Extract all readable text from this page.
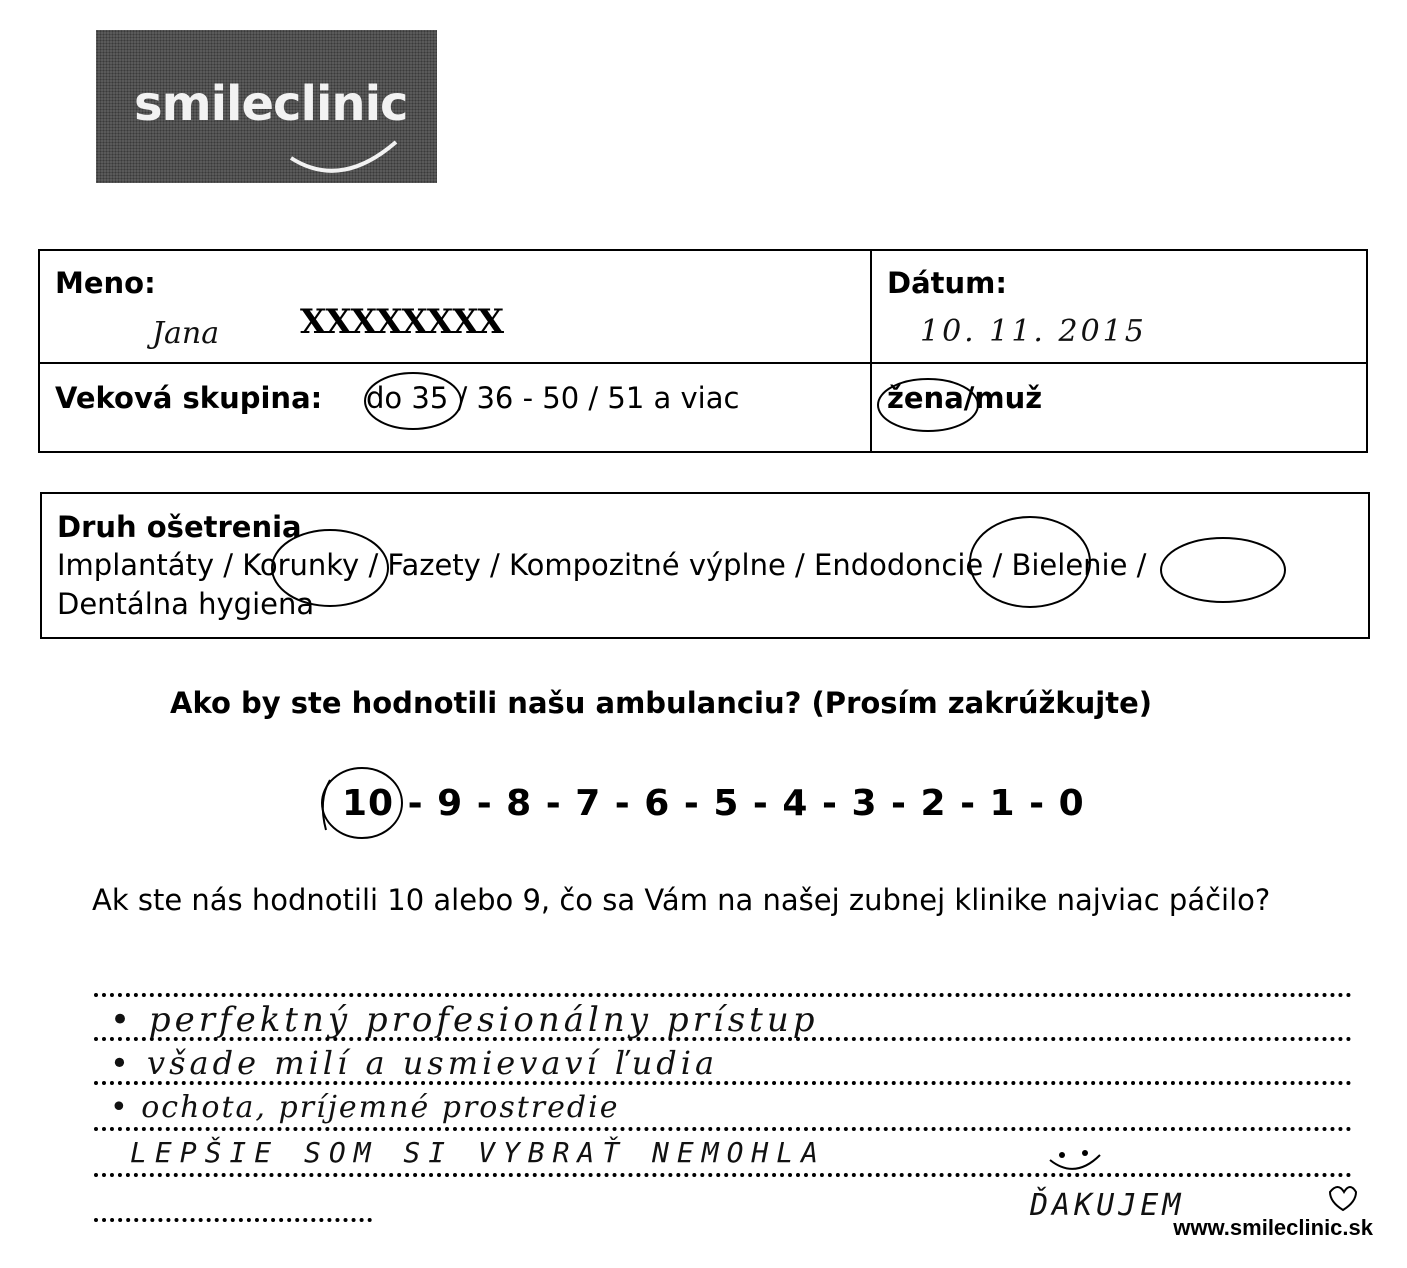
smileclinic
Meno:
Jana XXXXXXXX
Dátum:
10. 11. 2015
Veková skupina: do 35 / 36 - 50 / 51 a viac	žena/muž
Druh ošetrenia
Implantáty / Korunky / Fazety / Kompozitné výplne / Endodoncie / Bielenie /
Dentálna hygiena
Ako by ste hodnotili našu ambulanciu? (Prosím zakrúžkujte)
10 - 9 - 8 - 7 - 6 - 5 - 4 - 3 - 2 - 1 - 0
Ak ste nás hodnotili 10 alebo 9, čo sa Vám na našej zubnej klinike najviac páčilo?
• perfektný profesionálny prístup
• všade milí a usmievaví ľudia
• ochota, príjemné prostredie
LEPŠIE SOM SI VYBRAŤ NEMOHLA
ĎAKUJEM
www.smileclinic.sk
